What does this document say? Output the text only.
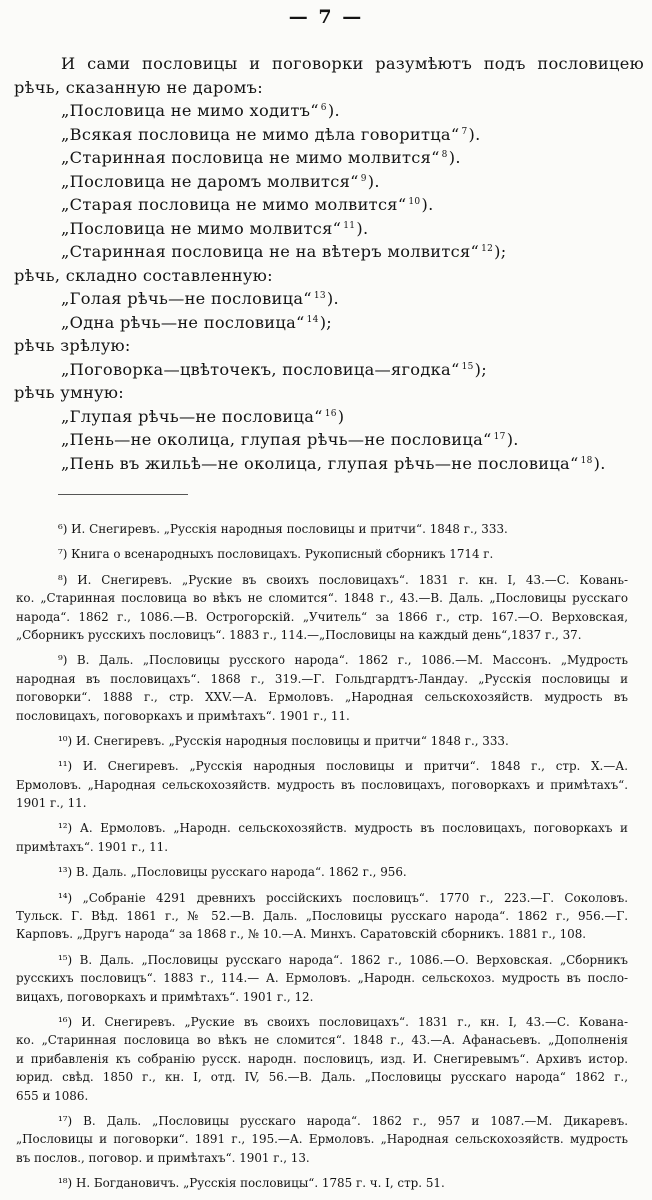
— 7 —
И сами пословицы и поговорки разумѣютъ подъ пословицею
рѣчь, сказанную не даромъ:
„Пословица не мимо ходитъ“ $^6$).
„Всякая пословица не мимо дѣла говоритца“ $^7$).
„Старинная пословица не мимо молвится“ $^8$).
„Пословица не даромъ молвится“ $^9$).
„Старая пословица не мимо молвится“ $^{10}$).
„Пословица не мимо молвится“ $^{11}$).
„Старинная пословица не на вѣтеръ молвится“ $^{12}$);
рѣчь, складно составленную:
„Голая рѣчь—не пословица“ $^{13}$).
„Одна рѣчь—не пословица“ $^{14}$);
рѣчь зрѣлую:
„Поговорка—цвѣточекъ, пословица—ягодка“ $^{15}$);
рѣчь умную:
„Глупая рѣчь—не пословица“ $^{16}$)
„Пень—не околица, глупая рѣчь—не пословица“ $^{17}$).
„Пень въ жильѣ—не околица, глупая рѣчь—не пословица“ $^{18}$).
⁶) И. Снегиревъ. „Русскія народныя пословицы и притчи“. 1848 г., 333.
⁷) Книга о всенародныхъ пословицахъ. Рукописный сборникъ 1714 г.
⁸) И. Снегиревъ. „Руские въ своихъ пословицахъ“. 1831 г. кн. I, 43.—С. Ковань-
ко. „Старинная пословица во вѣкъ не сломится“. 1848 г., 43.—В. Даль. „Пословицы русскаго
народа“. 1862 г., 1086.—В. Острогорскій. „Учитель“ за 1866 г., стр. 167.—О. Верховская,
„Сборникъ русскихъ пословицъ“. 1883 г., 114.—„Пословицы на каждый день“,1837 г., 37.
⁹) В. Даль. „Пословицы русского народа“. 1862 г., 1086.—М. Массонъ. „Мудрость
народная въ пословицахъ“. 1868 г., 319.—Г. Гольдгардтъ-Ландау. „Русскія пословицы и
поговорки“. 1888 г., стр. XXV.—А. Ермоловъ. „Народная сельскохозяйств. мудрость въ
пословицахъ, поговоркахъ и примѣтахъ“. 1901 г., 11.
¹⁰) И. Снегиревъ. „Русскія народныя пословицы и притчи“ 1848 г., 333.
¹¹) И. Снегиревъ. „Русскія народныя пословицы и притчи“. 1848 г., стр. Х.—А.
Ермоловъ. „Народная сельскохозяйств. мудрость въ пословицахъ, поговоркахъ и примѣтахъ“.
1901 г., 11.
¹²) А. Ермоловъ. „Народн. сельскохозяйств. мудрость въ пословицахъ, поговоркахъ и
примѣтахъ“. 1901 г., 11.
¹³) В. Даль. „Пословицы русскаго народа“. 1862 г., 956.
¹⁴) „Собраніе 4291 древнихъ россійскихъ пословицъ“. 1770 г., 223.—Г. Соколовъ.
Тульск. Г. Вѣд. 1861 г., № 52.—В. Даль. „Пословицы русскаго народа“. 1862 г., 956.—Г.
Карповъ. „Другъ народа“ за 1868 г., № 10.—А. Минхъ. Саратовскій сборникъ. 1881 г., 108.
¹⁵) В. Даль. „Пословицы русскаго народа“. 1862 г., 1086.—О. Верховская. „Сборникъ
русскихъ пословицъ“. 1883 г., 114.— А. Ермоловъ. „Народн. сельскохоз. мудрость въ посло-
вицахъ, поговоркахъ и примѣтахъ“. 1901 г., 12.
¹⁶) И. Снегиревъ. „Руские въ своихъ пословицахъ“. 1831 г., кн. I, 43.—С. Кована-
ко. „Старинная пословица во вѣкъ не сломится“. 1848 г., 43.—А. Афанасьевъ. „Дополненія
и прибавленія къ собранію русск. народн. пословицъ, изд. И. Снегиревымъ“. Архивъ истор.
юрид. свѣд. 1850 г., кн. I, отд. IV, 56.—В. Даль. „Пословицы русскаго народа“ 1862 г.,
655 и 1086.
¹⁷) В. Даль. „Пословицы русскаго народа“. 1862 г., 957 и 1087.—М. Дикаревъ.
„Пословицы и поговорки“. 1891 г., 195.—А. Ермоловъ. „Народная сельскохозяйств. мудрость
въ послов., поговор. и примѣтахъ“. 1901 г., 13.
¹⁸) Н. Богдановичъ. „Русскія пословицы“. 1785 г. ч. I, стр. 51.
